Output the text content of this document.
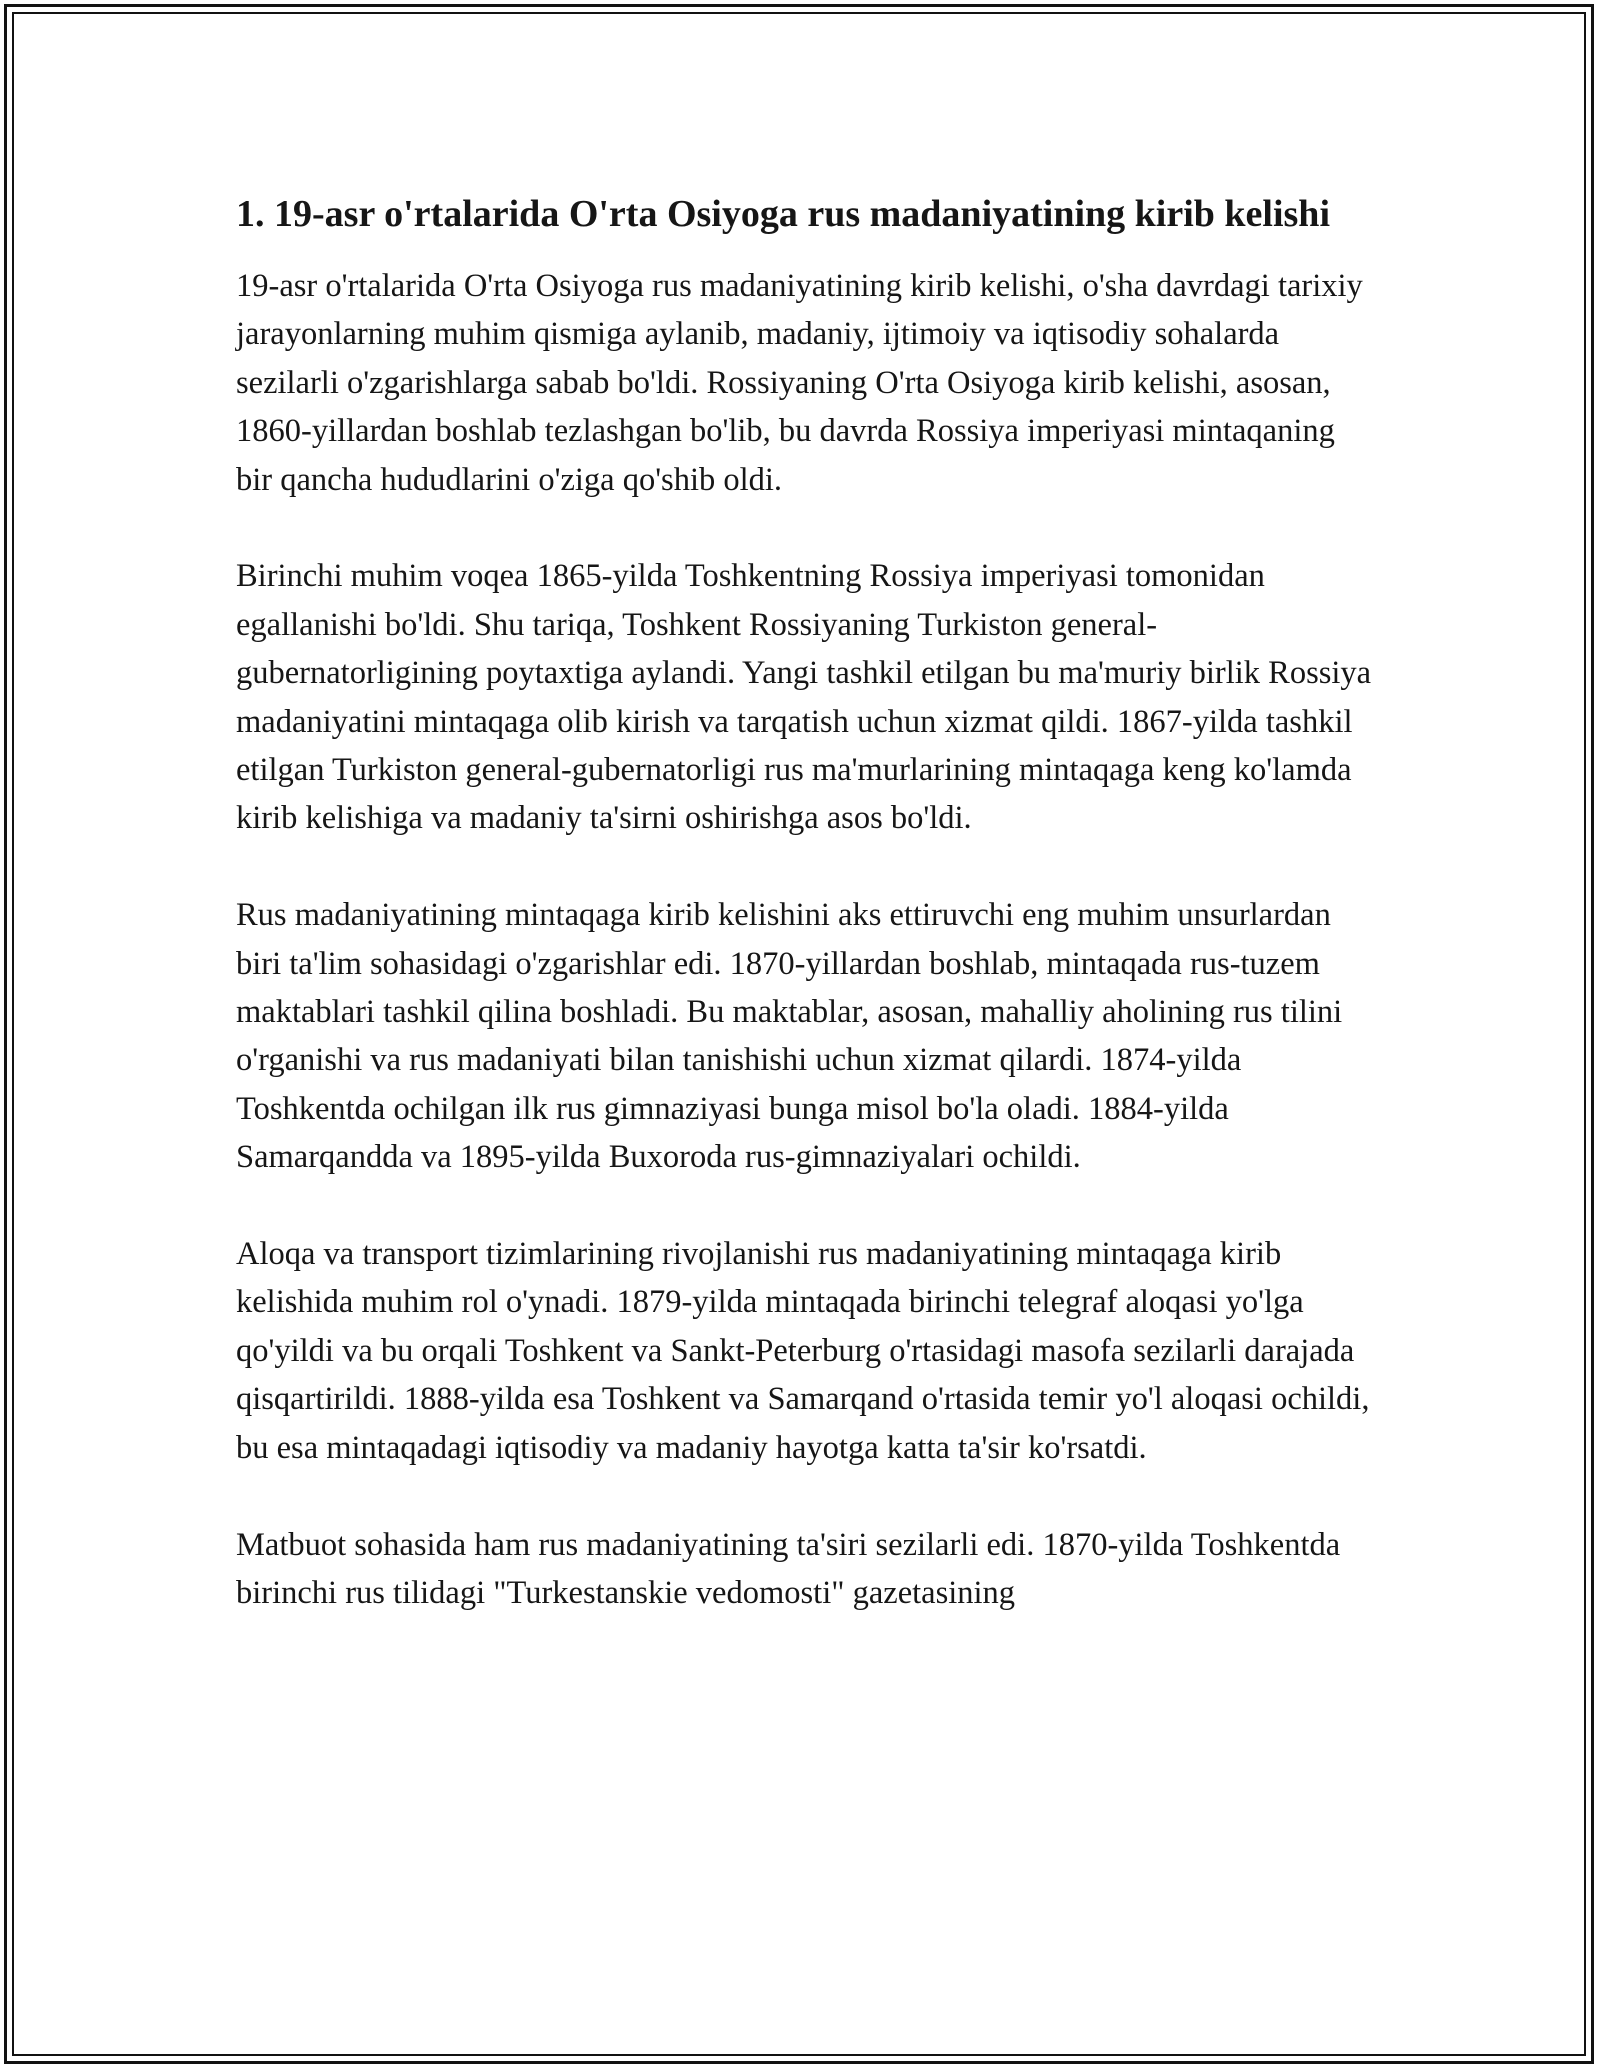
1. 19-asr o'rtalarida O'rta Osiyoga rus madaniyatining kirib kelishi

19-asr o'rtalarida O'rta Osiyoga rus madaniyatining kirib kelishi, o'sha davrdagi tarixiy jarayonlarning muhim qismiga aylanib, madaniy, ijtimoiy va iqtisodiy sohalarda sezilarli o'zgarishlarga sabab bo'ldi. Rossiyaning O'rta Osiyoga kirib kelishi, asosan, 1860-yillardan boshlab tezlashgan bo'lib, bu davrda Rossiya imperiyasi mintaqaning bir qancha hududlarini o'ziga qo'shib oldi.

Birinchi muhim voqea 1865-yilda Toshkentning Rossiya imperiyasi tomonidan egallanishi bo'ldi. Shu tariqa, Toshkent Rossiyaning Turkiston general-gubernatorligining poytaxtiga aylandi. Yangi tashkil etilgan bu ma'muriy birlik Rossiya madaniyatini mintaqaga olib kirish va tarqatish uchun xizmat qildi. 1867-yilda tashkil etilgan Turkiston general-gubernatorligi rus ma'murlarining mintaqaga keng ko'lamda kirib kelishiga va madaniy ta'sirni oshirishga asos bo'ldi.

Rus madaniyatining mintaqaga kirib kelishini aks ettiruvchi eng muhim unsurlardan biri ta'lim sohasidagi o'zgarishlar edi. 1870-yillardan boshlab, mintaqada rus-tuzem maktablari tashkil qilina boshladi. Bu maktablar, asosan, mahalliy aholining rus tilini o'rganishi va rus madaniyati bilan tanishishi uchun xizmat qilardi. 1874-yilda Toshkentda ochilgan ilk rus gimnaziyasi bunga misol bo'la oladi. 1884-yilda Samarqandda va 1895-yilda Buxoroda rus-gimnaziyalari ochildi.

Aloqa va transport tizimlarining rivojlanishi rus madaniyatining mintaqaga kirib kelishida muhim rol o'ynadi. 1879-yilda mintaqada birinchi telegraf aloqasi yo'lga qo'yildi va bu orqali Toshkent va Sankt-Peterburg o'rtasidagi masofa sezilarli darajada qisqartirildi. 1888-yilda esa Toshkent va Samarqand o'rtasida temir yo'l aloqasi ochildi, bu esa mintaqadagi iqtisodiy va madaniy hayotga katta ta'sir ko'rsatdi.

Matbuot sohasida ham rus madaniyatining ta'siri sezilarli edi. 1870-yilda Toshkentda birinchi rus tilidagi "Turkestanskie vedomosti" gazetasining
